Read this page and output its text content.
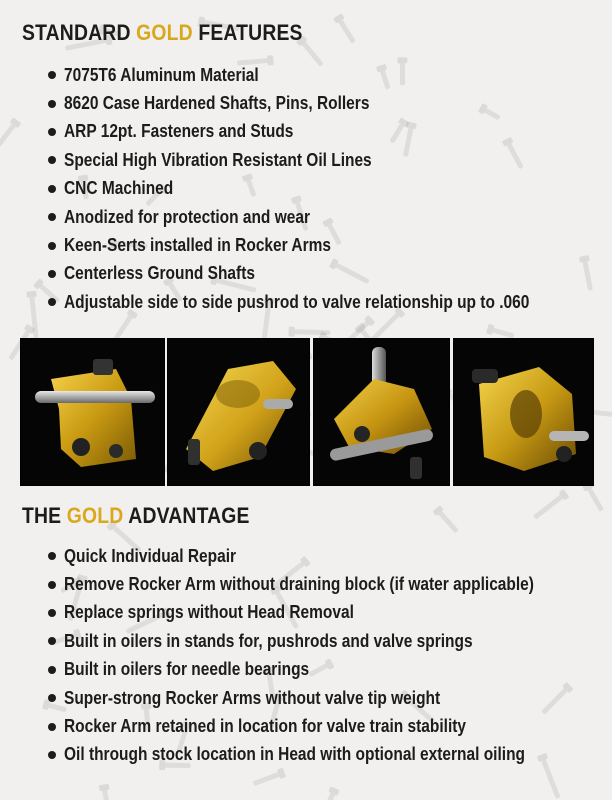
STANDARD GOLD FEATURES
7075T6 Aluminum Material
8620 Case Hardened Shafts, Pins, Rollers
ARP 12pt. Fasteners and Studs
Special High Vibration Resistant Oil Lines
CNC Machined
Anodized for protection and wear
Keen-Serts installed in Rocker Arms
Centerless Ground Shafts
Adjustable side to side pushrod to valve relationship up to .060
THE GOLD ADVANTAGE
Quick Individual Repair
Remove Rocker Arm without draining block (if water applicable)
Replace springs without Head Removal
Built in oilers in stands for, pushrods and valve springs
Built in oilers for needle bearings
Super-strong Rocker Arms without valve tip weight
Rocker Arm retained in location for valve train stability
Oil through stock location in Head with optional external oiling
